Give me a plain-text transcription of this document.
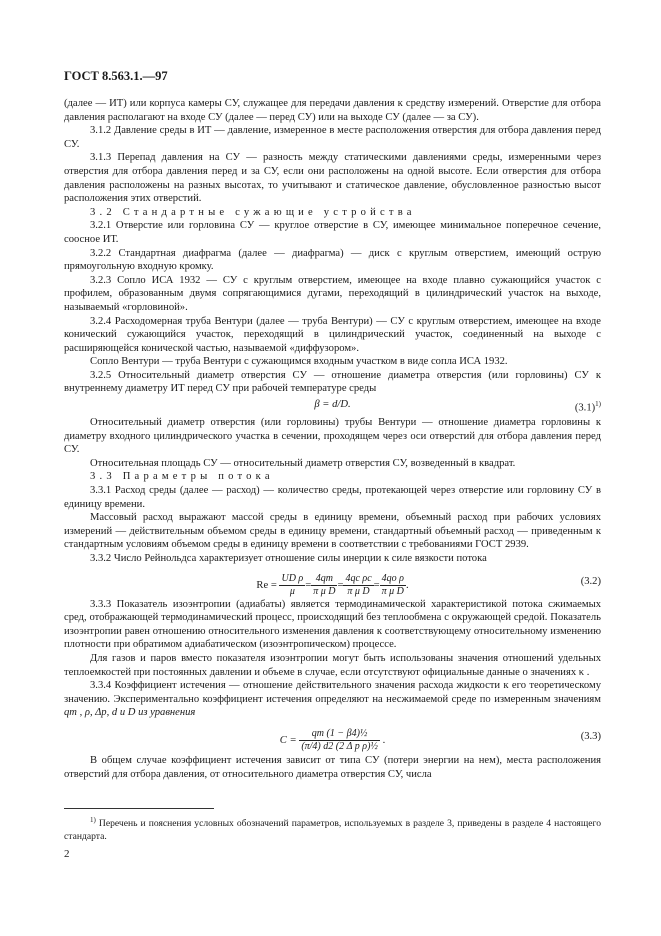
ГОСТ 8.563.1.—97

(далее — ИТ) или корпуса камеры СУ, служащее для передачи давления к средству измерений. Отверстие для отбора давления располагают на входе СУ (далее — перед СУ) или на выходе СУ (далее — за СУ).

3.1.2 Давление среды в ИТ — давление, измеренное в месте расположения отверстия для отбора давления перед СУ.

3.1.3 Перепад давления на СУ — разность между статическими давлениями среды, измеренными через отверстия для отбора давления перед и за СУ, если они расположены на одной высоте. Если отверстия для отбора давления расположены на разных высотах, то учитывают и статическое давление, обусловленное разностью высот расположения этих отверстий.

3.2 Стандартные сужающие устройства

3.2.1 Отверстие или горловина СУ — круглое отверстие в СУ, имеющее минимальное поперечное сечение, соосное ИТ.

3.2.2 Стандартная диафрагма (далее — диафрагма) — диск с круглым отверстием, имеющий острую прямоугольную входную кромку.

3.2.3 Сопло ИСА 1932 — СУ с круглым отверстием, имеющее на входе плавно сужающийся участок с профилем, образованным двумя сопрягающимися дугами, переходящий в цилиндрический участок на выходе, называемый «горловиной».

3.2.4 Расходомерная труба Вентури (далее — труба Вентури) — СУ с круглым отверстием, имеющее на входе конический сужающийся участок, переходящий в цилиндрический участок, соединенный на выходе с расширяющейся конической частью, называемой «диффузором».

Сопло Вентури — труба Вентури с сужающимся входным участком в виде сопла ИСА 1932.

3.2.5 Относительный диаметр отверстия СУ — отношение диаметра отверстия (или горловины) СУ к внутреннему диаметру ИТ перед СУ при рабочей температуре среды

β = d/D.	$(3.1)^{1)}$

Относительный диаметр отверстия (или горловины) трубы Вентури — отношение диаметра горловины к диаметру входного цилиндрического участка в сечении, проходящем через оси отверстий для отбора давления перед СУ.

Относительная площадь СУ — относительный диаметр отверстия СУ, возведенный в квадрат.

3.3 Параметры потока

3.3.1 Расход среды (далее — расход) — количество среды, протекающей через отверстие или горловину СУ в единицу времени.

Массовый расход выражают массой среды в единицу времени, объемный расход при рабочих условиях измерений — действительным объемом среды в единицу времени, стандартный объемный расход — приведенным к стандартным условиям объемом среды в единицу времени в соответствии с требованиями ГОСТ 2939.

3.3.2 Число Рейнольдса характеризует отношение силы инерции к силе вязкости потока

$Re = \frac{\text{UD ρ}}{\mu} = \frac{4qm}{\text{π μ D}} = \frac{\text{4qc ρc}}{\text{π μ D}} = \frac{\text{4qo ρ}}{\text{π μ D}}$ .	(3.2)

3.3.3 Показатель изоэнтропии (адиабаты) является термодинамической характеристикой потока сжимаемых сред, отображающей термодинамический процесс, происходящий без теплообмена с окружающей средой. Показатель изоэнтропии равен отношению относительного изменения давления к соответствующему относительному изменению плотности при обратимом адиабатическом (изоэнтропическом) процессе.

Для газов и паров вместо показателя изоэнтропии могут быть использованы значения отношений удельных теплоемкостей при постоянных давлении и объеме в случае, если отсутствуют официальные данные о значениях κ .

3.3.4 Коэффициент истечения — отношение действительного значения расхода жидкости к его теоретическому значению. Экспериментально коэффициент истечения определяют на несжимаемой среде по измеренным значениям qm , ρ, Δp, d и D из уравнения

$C = \frac{\text{qm (1 − β4)½}}{\text{(π/4) d2 (2 Δ p ρ)½}}$ .	(3.3)

В общем случае коэффициент истечения зависит от типа СУ (потери энергии на нем), места расположения отверстий для отбора давления, от относительного диаметра отверстия СУ, числа

$^{1)}$ Перечень и пояснения условных обозначений параметров, используемых в разделе 3, приведены в разделе 4 настоящего стандарта.
2
